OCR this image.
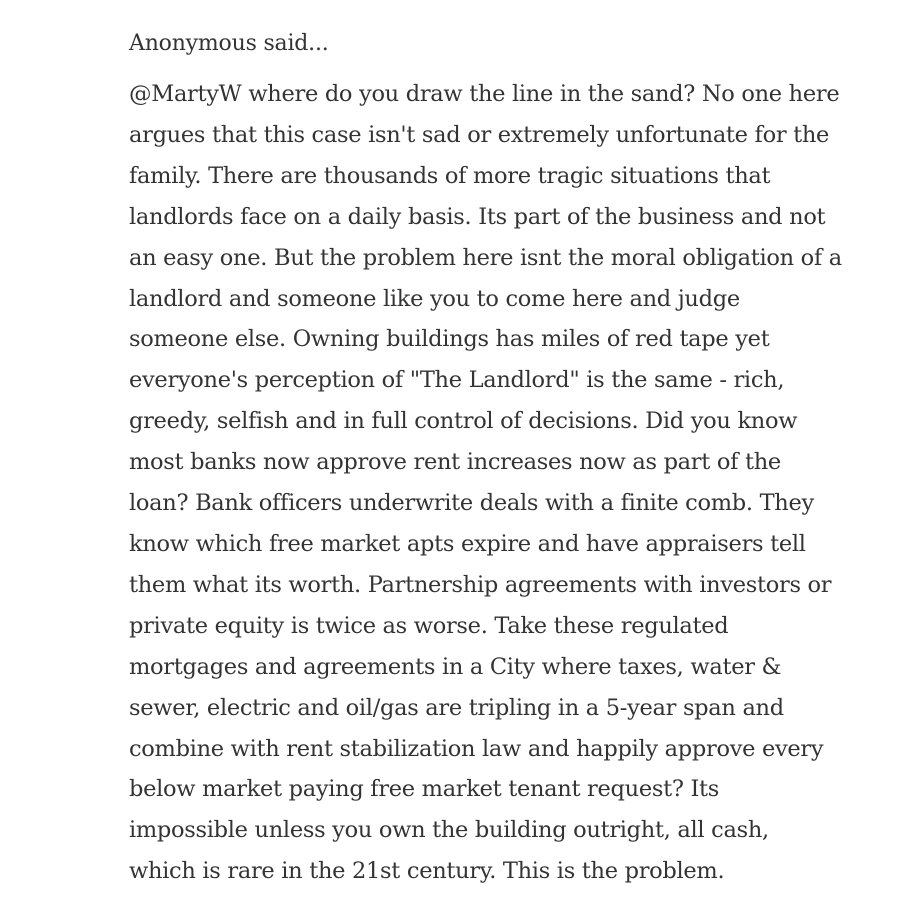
Anonymous said...
@MartyW where do you draw the line in the sand? No one here
argues that this case isn't sad or extremely unfortunate for the
family. There are thousands of more tragic situations that
landlords face on a daily basis. Its part of the business and not
an easy one. But the problem here isnt the moral obligation of a
landlord and someone like you to come here and judge
someone else. Owning buildings has miles of red tape yet
everyone's perception of "The Landlord" is the same - rich,
greedy, selfish and in full control of decisions. Did you know
most banks now approve rent increases now as part of the
loan? Bank officers underwrite deals with a finite comb. They
know which free market apts expire and have appraisers tell
them what its worth. Partnership agreements with investors or
private equity is twice as worse. Take these regulated
mortgages and agreements in a City where taxes, water &
sewer, electric and oil/gas are tripling in a 5-year span and
combine with rent stabilization law and happily approve every
below market paying free market tenant request? Its
impossible unless you own the building outright, all cash,
which is rare in the 21st century. This is the problem.
